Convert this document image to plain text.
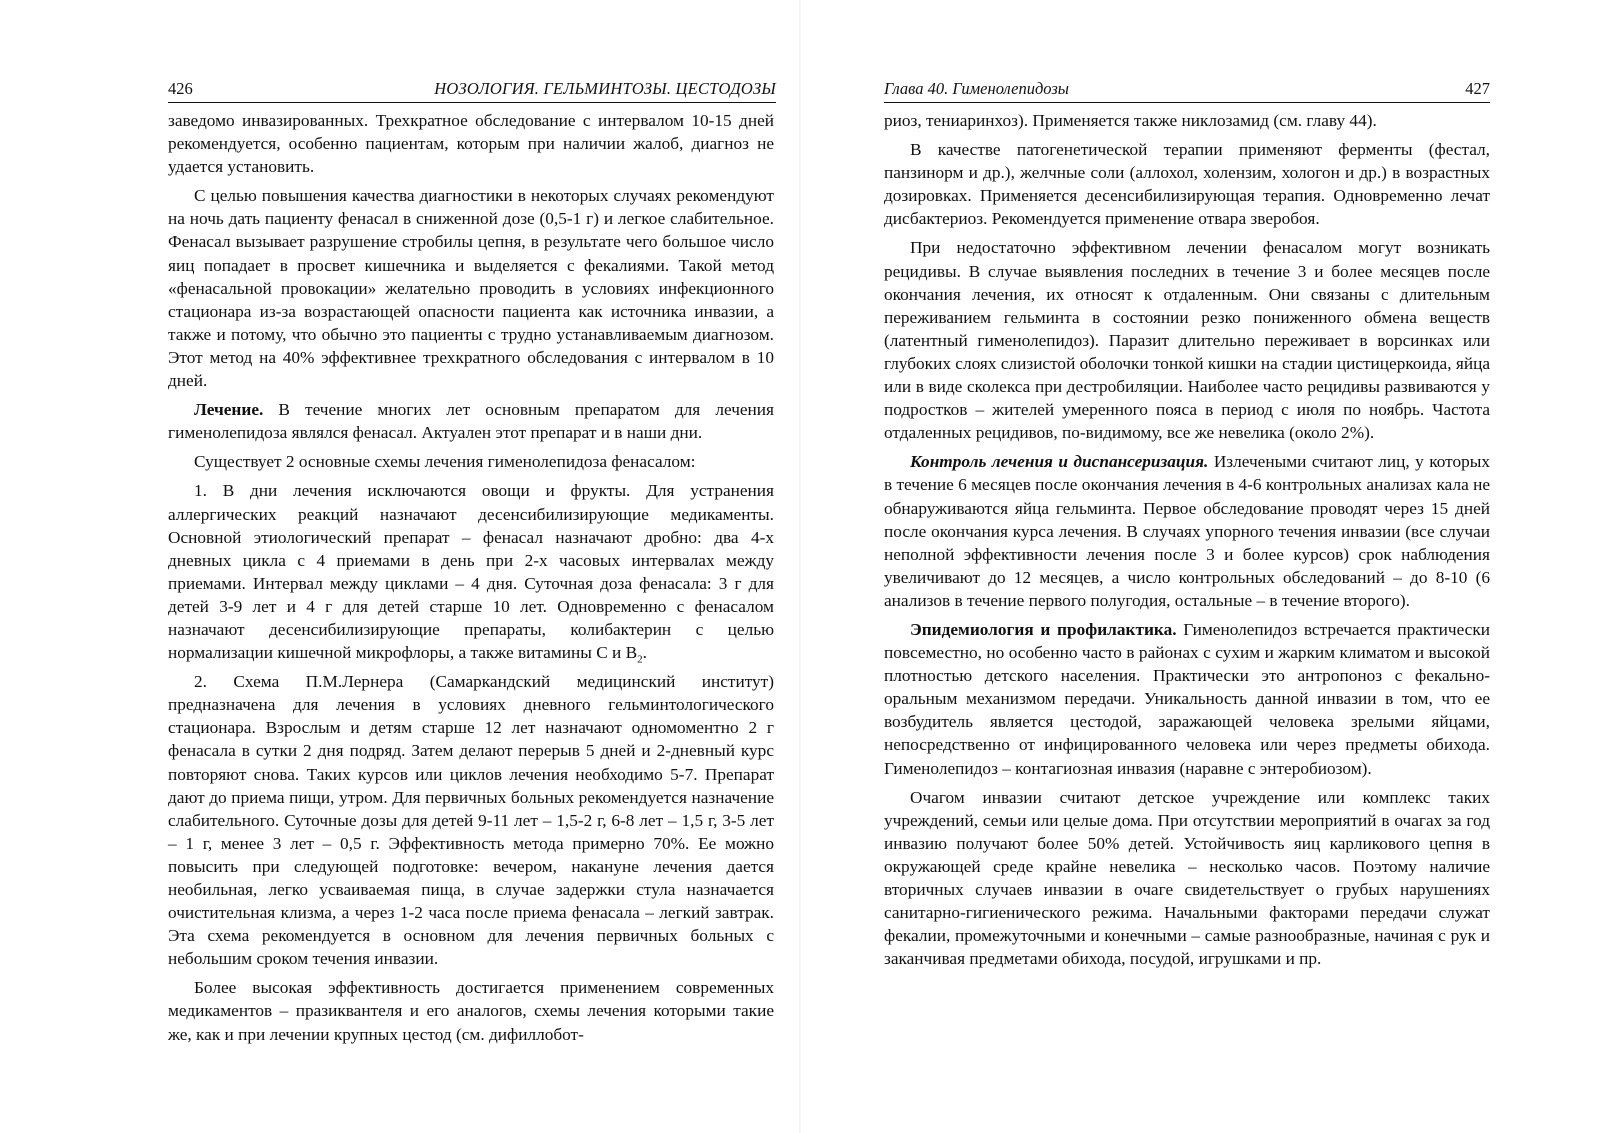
426	НОЗОЛОГИЯ. ГЕЛЬМИНТОЗЫ. ЦЕСТОДОЗЫ

заведомо инвазированных. Трехкратное обследование с интервалом 10-15 дней рекомендуется, особенно пациентам, которым при наличии жалоб, диагноз не удается установить.

С целью повышения качества диагностики в некоторых случаях рекомендуют на ночь дать пациенту фенасал в сниженной дозе (0,5-1 г) и легкое слабительное. Фенасал вызывает разрушение стробилы цепня, в результате чего большое число яиц попадает в просвет кишечника и выделяется с фекалиями. Такой метод «фенасальной провокации» желательно проводить в условиях инфекционного стационара из-за возрастающей опасности пациента как источника инвазии, а также и потому, что обычно это пациенты с трудно устанавливаемым диагнозом. Этот метод на 40% эффективнее трехкратного обследования с интервалом в 10 дней.

Лечение. В течение многих лет основным препаратом для лечения гименолепидоза являлся фенасал. Актуален этот препарат и в наши дни.

Существует 2 основные схемы лечения гименолепидоза фенасалом:

1. В дни лечения исключаются овощи и фрукты. Для устранения аллергических реакций назначают десенсибилизирующие медикаменты. Основной этиологический препарат – фенасал назначают дробно: два 4-х дневных цикла с 4 приемами в день при 2-х часовых интервалах между приемами. Интервал между циклами – 4 дня. Суточная доза фенасала: 3 г для детей 3-9 лет и 4 г для детей старше 10 лет. Одновременно с фенасалом назначают десенсибилизирующие препараты, колибактерин с целью нормализации кишечной микрофлоры, а также витамины С и $В_2$.

2. Схема П.М.Лернера (Самаркандский медицинский институт) предназначена для лечения в условиях дневного гельминтологического стационара. Взрослым и детям старше 12 лет назначают одномоментно 2 г фенасала в сутки 2 дня подряд. Затем делают перерыв 5 дней и 2-дневный курс повторяют снова. Таких курсов или циклов лечения необходимо 5-7. Препарат дают до приема пищи, утром. Для первичных больных рекомендуется назначение слабительного. Суточные дозы для детей 9-11 лет – 1,5-2 г, 6-8 лет – 1,5 г, 3-5 лет – 1 г, менее 3 лет – 0,5 г. Эффективность метода примерно 70%. Ее можно повысить при следующей подготовке: вечером, накануне лечения дается необильная, легко усваиваемая пища, в случае задержки стула назначается очистительная клизма, а через 1-2 часа после приема фенасала – легкий завтрак. Эта схема рекомендуется в основном для лечения первичных больных с небольшим сроком течения инвазии.

Более высокая эффективность достигается применением современных медикаментов – празиквантеля и его аналогов, схемы лечения которыми такие же, как и при лечении крупных цестод (см. дифиллобот-

Глава 40. Гименолепидозы	427

риоз, тениаринхоз). Применяется также никлозамид (см. главу 44).

В качестве патогенетической терапии применяют ферменты (фестал, панзинорм и др.), желчные соли (аллохол, холензим, хологон и др.) в возрастных дозировках. Применяется десенсибилизирующая терапия. Одновременно лечат дисбактериоз. Рекомендуется применение отвара зверобоя.

При недостаточно эффективном лечении фенасалом могут возникать рецидивы. В случае выявления последних в течение 3 и более месяцев после окончания лечения, их относят к отдаленным. Они связаны с длительным переживанием гельминта в состоянии резко пониженного обмена веществ (латентный гименолепидоз). Паразит длительно переживает в ворсинках или глубоких слоях слизистой оболочки тонкой кишки на стадии цистицеркоида, яйца или в виде сколекса при дестробиляции. Наиболее часто рецидивы развиваются у подростков – жителей умеренного пояса в период с июля по ноябрь. Частота отдаленных рецидивов, по-видимому, все же невелика (около 2%).

Контроль лечения и диспансеризация. Излечеными считают лиц, у которых в течение 6 месяцев после окончания лечения в 4-6 контрольных анализах кала не обнаруживаются яйца гельминта. Первое обследование проводят через 15 дней после окончания курса лечения. В случаях упорного течения инвазии (все случаи неполной эффективности лечения после 3 и более курсов) срок наблюдения увеличивают до 12 месяцев, а число контрольных обследований – до 8-10 (6 анализов в течение первого полугодия, остальные – в течение второго).

Эпидемиология и профилактика. Гименолепидоз встречается практически повсеместно, но особенно часто в районах с сухим и жарким климатом и высокой плотностью детского населения. Практически это антропоноз с фекально-оральным механизмом передачи. Уникальность данной инвазии в том, что ее возбудитель является цестодой, заражающей человека зрелыми яйцами, непосредственно от инфицированного человека или через предметы обихода. Гименолепидоз – контагиозная инвазия (наравне с энтеробиозом).

Очагом инвазии считают детское учреждение или комплекс таких учреждений, семьи или целые дома. При отсутствии мероприятий в очагах за год инвазию получают более 50% детей. Устойчивость яиц карликового цепня в окружающей среде крайне невелика – несколько часов. Поэтому наличие вторичных случаев инвазии в очаге свидетельствует о грубых нарушениях санитарно-гигиенического режима. Начальными факторами передачи служат фекалии, промежуточными и конечными – самые разнообразные, начиная с рук и заканчивая предметами обихода, посудой, игрушками и пр.
